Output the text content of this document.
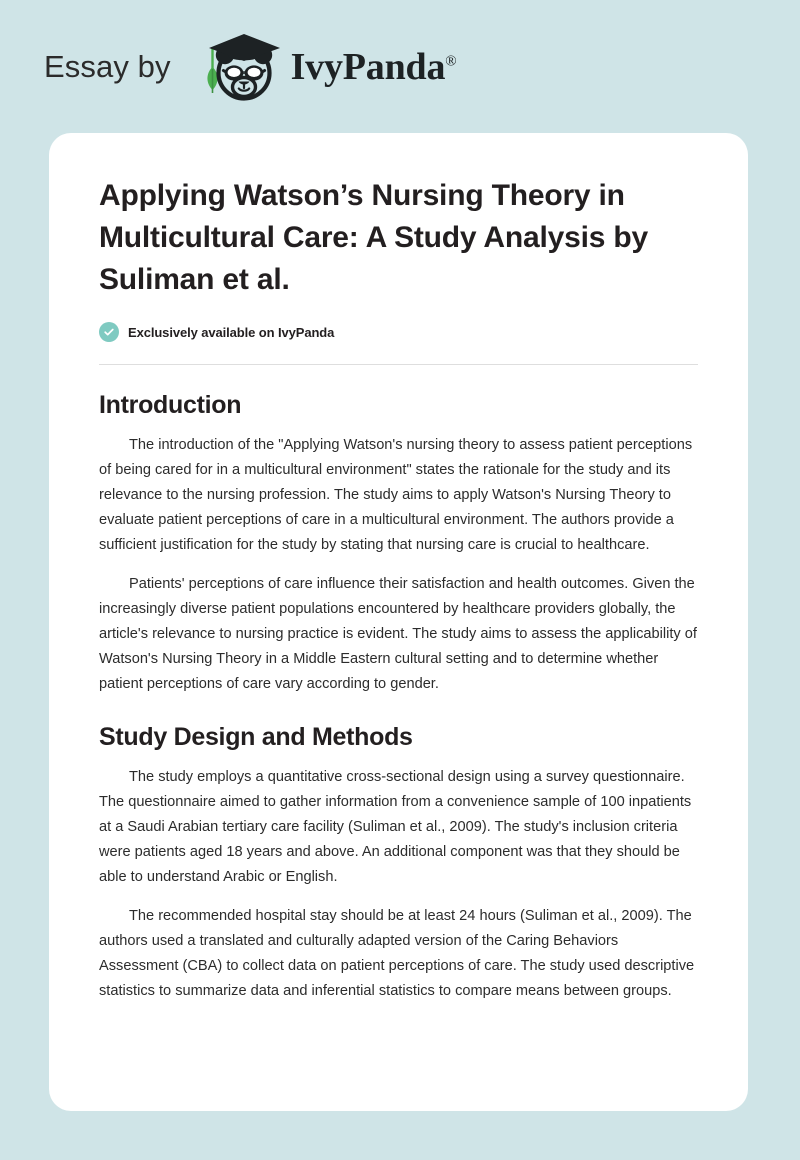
Essay by	IvyPanda®
Applying Watson’s Nursing Theory in Multicultural Care: A Study Analysis by Suliman et al.
Exclusively available on IvyPanda
Introduction

The introduction of the "Applying Watson's nursing theory to assess patient perceptions of being cared for in a multicultural environment" states the rationale for the study and its relevance to the nursing profession. The study aims to apply Watson's Nursing Theory to evaluate patient perceptions of care in a multicultural environment. The authors provide a sufficient justification for the study by stating that nursing care is crucial to healthcare.

Patients' perceptions of care influence their satisfaction and health outcomes. Given the increasingly diverse patient populations encountered by healthcare providers globally, the article's relevance to nursing practice is evident. The study aims to assess the applicability of Watson's Nursing Theory in a Middle Eastern cultural setting and to determine whether patient perceptions of care vary according to gender.

Study Design and Methods

The study employs a quantitative cross-sectional design using a survey questionnaire. The questionnaire aimed to gather information from a convenience sample of 100 inpatients at a Saudi Arabian tertiary care facility (Suliman et al., 2009). The study's inclusion criteria were patients aged 18 years and above. An additional component was that they should be able to understand Arabic or English.

The recommended hospital stay should be at least 24 hours (Suliman et al., 2009). The authors used a translated and culturally adapted version of the Caring Behaviors Assessment (CBA) to collect data on patient perceptions of care. The study used descriptive statistics to summarize data and inferential statistics to compare means between groups.
